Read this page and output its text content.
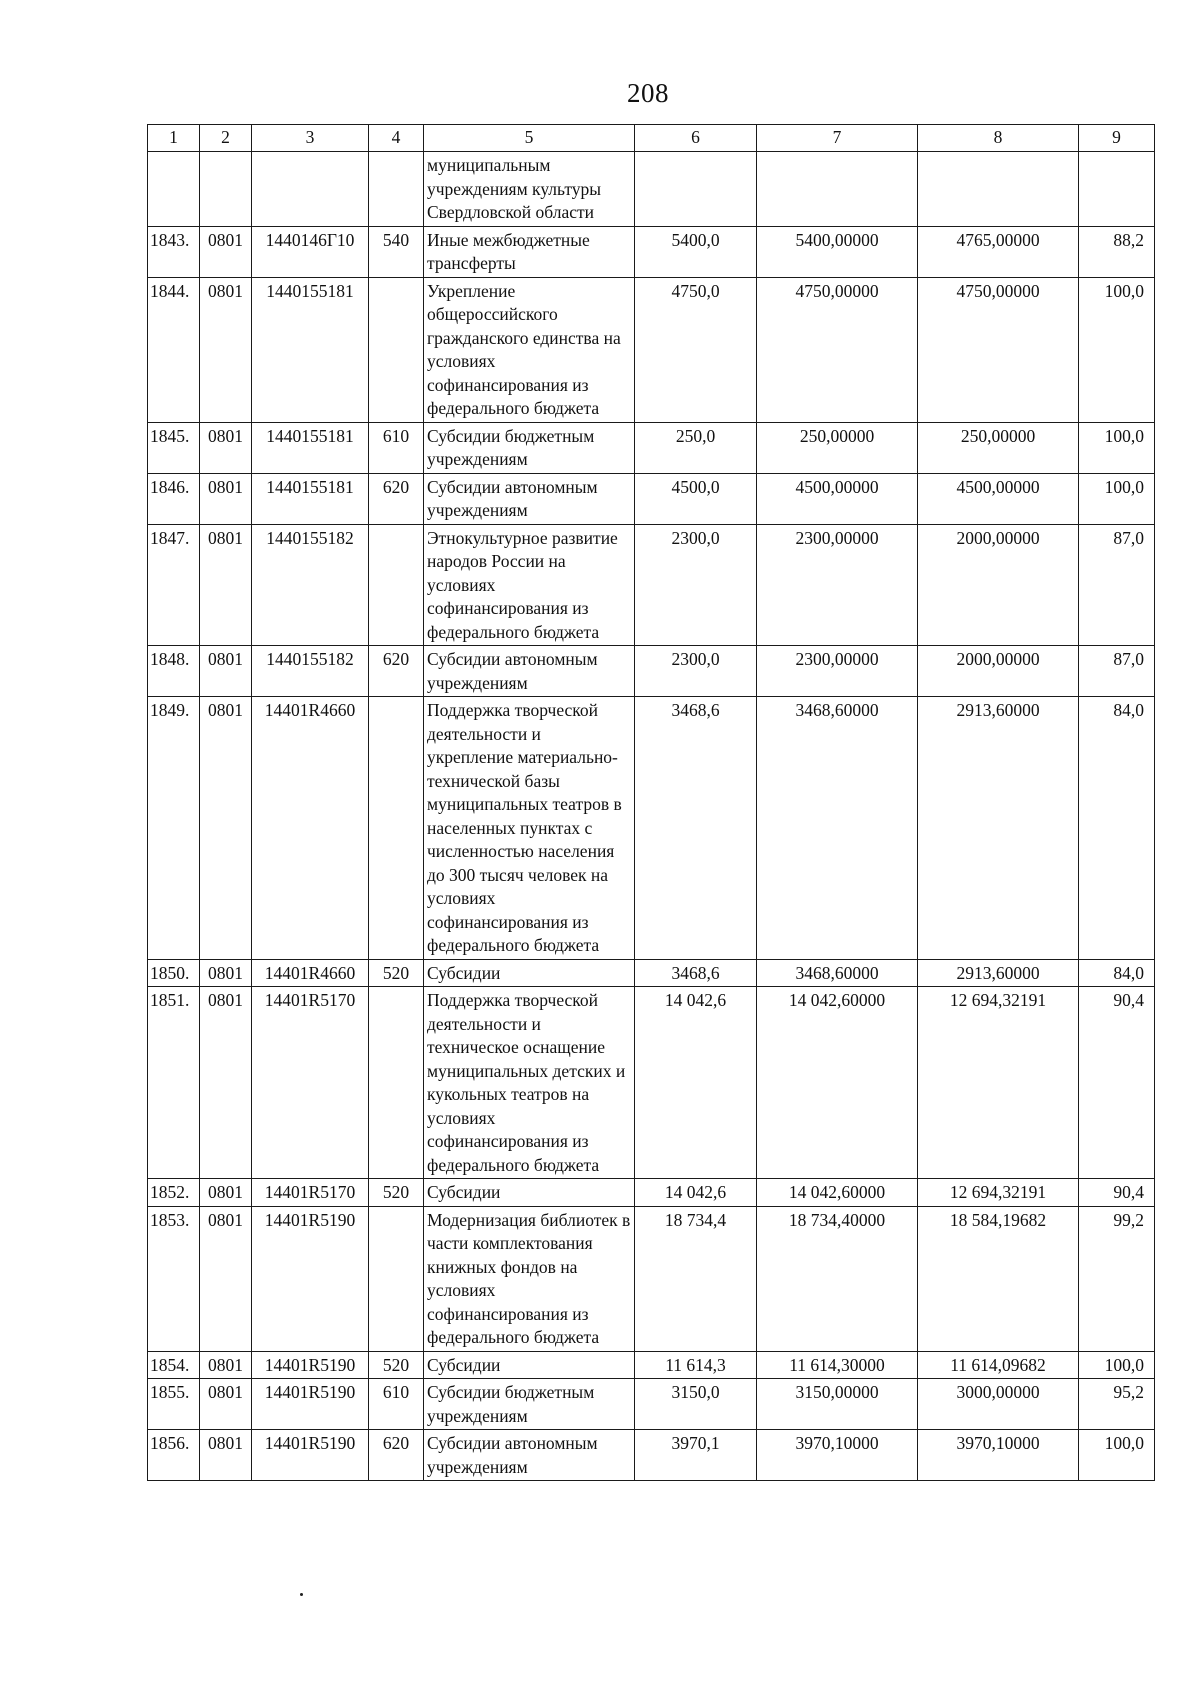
208
1	2	3	4	5	6	7	8	9
				муниципальным учреждениям культуры Свердловской области				
1843.	0801	1440146Г10	540	Иные межбюджетные трансферты	5400,0	5400,00000	4765,00000	88,2
1844.	0801	1440155181		Укрепление общероссийского гражданского единства на условиях софинансирования из федерального бюджета	4750,0	4750,00000	4750,00000	100,0
1845.	0801	1440155181	610	Субсидии бюджетным учреждениям	250,0	250,00000	250,00000	100,0
1846.	0801	1440155181	620	Субсидии автономным учреждениям	4500,0	4500,00000	4500,00000	100,0
1847.	0801	1440155182		Этнокультурное развитие народов России на условиях софинансирования из федерального бюджета	2300,0	2300,00000	2000,00000	87,0
1848.	0801	1440155182	620	Субсидии автономным учреждениям	2300,0	2300,00000	2000,00000	87,0
1849.	0801	14401R4660		Поддержка творческой деятельности и укрепление материально-технической базы муниципальных театров в населенных пунктах с численностью населения до 300 тысяч человек на условиях софинансирования из федерального бюджета	3468,6	3468,60000	2913,60000	84,0
1850.	0801	14401R4660	520	Субсидии	3468,6	3468,60000	2913,60000	84,0
1851.	0801	14401R5170		Поддержка творческой деятельности и техническое оснащение муниципальных детских и кукольных театров на условиях софинансирования из федерального бюджета	14 042,6	14 042,60000	12 694,32191	90,4
1852.	0801	14401R5170	520	Субсидии	14 042,6	14 042,60000	12 694,32191	90,4
1853.	0801	14401R5190		Модернизация библиотек в части комплектования книжных фондов на условиях софинансирования из федерального бюджета	18 734,4	18 734,40000	18 584,19682	99,2
1854.	0801	14401R5190	520	Субсидии	11 614,3	11 614,30000	11 614,09682	100,0
1855.	0801	14401R5190	610	Субсидии бюджетным учреждениям	3150,0	3150,00000	3000,00000	95,2
1856.	0801	14401R5190	620	Субсидии автономным учреждениям	3970,1	3970,10000	3970,10000	100,0
